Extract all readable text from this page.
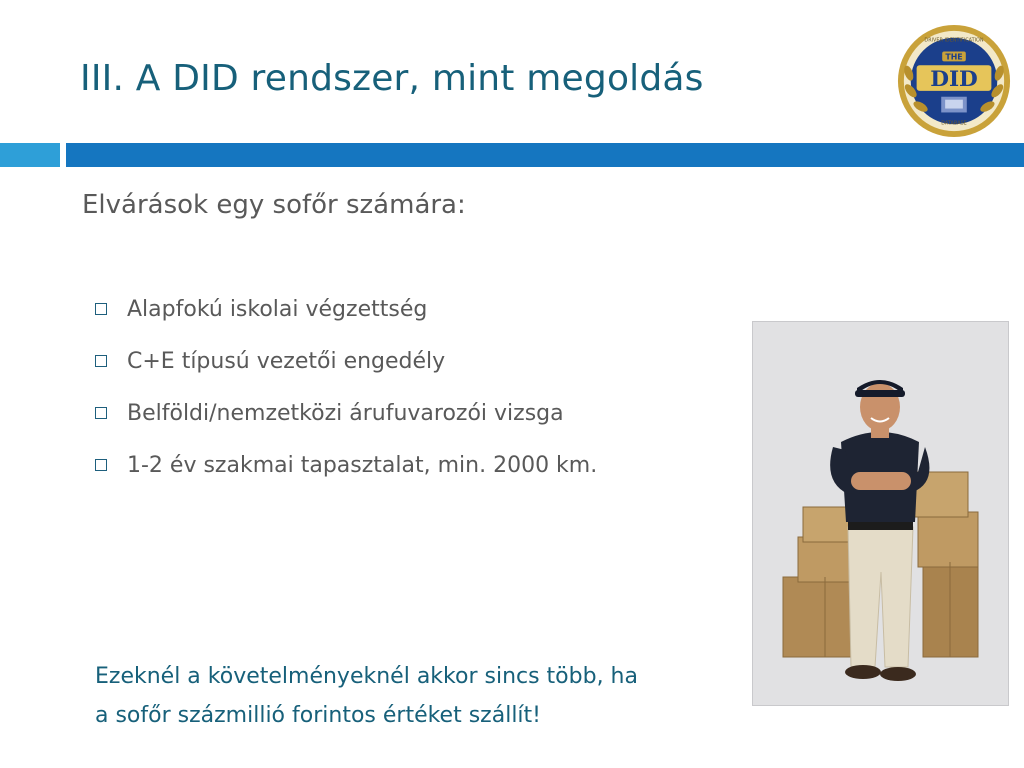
III. A DID rendszer, mint megoldás
THE
DID
DRIVER IDENTIFICATION
DATABASE
Elvárások egy sofőr számára:
Alapfokú iskolai végzettség
C+E típusú vezetői engedély
Belföldi/nemzetközi árufuvarozói vizsga
1-2 év szakmai tapasztalat, min. 2000 km.
Ezeknél a követelményeknél akkor sincs több, ha
a sofőr százmillió forintos értéket szállít!
